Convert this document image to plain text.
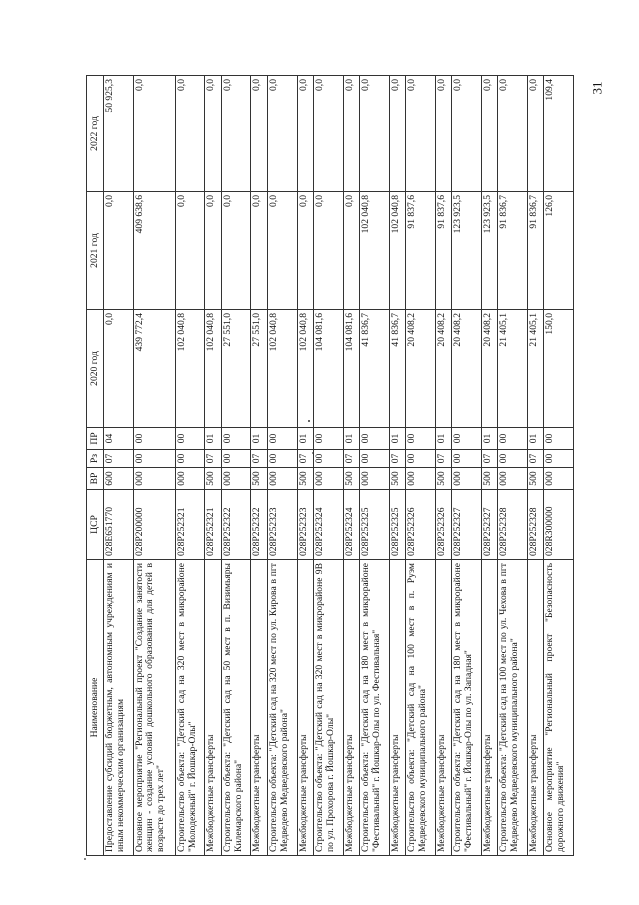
31
Наименование	ЦСР	ВР	Рз	ПР	2020 год	2021 год	2022 год
Предоставление субсидий бюджетным, автономным учреждениям и иным некоммерческим организациям	028E651770	600	07	04	0,0	0,0	50 925,3
Основное мероприятие "Региональный проект "Создание занятости женщин - создание условий дошкольного образования для детей в возрасте до трех лет"	028P200000	000	00	00	439 772,4	409 638,6	0,0
Строительство объекта: "Детский сад на 320 мест в микрорайоне "Молодежный" г. Йошкар-Олы"	028P252321	000	00	00	102 040,8	0,0	0,0
Межбюджетные трансферты	028P252321	500	07	01	102 040,8	0,0	0,0
Строительство объекта: "Детский сад на 50 мест в п. Визимьяры Килемарского района"	028P252322	000	00	00	27 551,0	0,0	0,0
Межбюджетные трансферты	028P252322	500	07	01	27 551,0	0,0	0,0
Строительство объекта: "Детский сад на 320 мест по ул. Кирова в пгт Медведево Медведевского района"	028P252323	000	00	00	102 040,8	0,0	0,0
Межбюджетные трансферты	028P252323	500	07	01	102 040,8	0,0	0,0
Строительство объекта: "Детский сад на 320 мест в микрорайоне 9В по ул. Прохорова г. Йошкар-Олы"	028P252324	000	00	00	104 081,6	0,0	0,0
Межбюджетные трансферты	028P252324	500	07	01	104 081,6	0,0	0,0
Строительство объекта: "Детский сад на 180 мест в микрорайоне "Фестивальный" г. Йошкар-Олы по ул. Фестивальная"	028P252325	000	00	00	41 836,7	102 040,8	0,0
Межбюджетные трансферты	028P252325	500	07	01	41 836,7	102 040,8	0,0
Строительство объекта: "Детский сад на 100 мест в п. Руэм Медведевского муниципального района"	028P252326	000	00	00	20 408,2	91 837,6	0,0
Межбюджетные трансферты	028P252326	500	07	01	20 408,2	91 837,6	0,0
Строительство объекта: "Детский сад на 180 мест в микрорайоне "Фестивальный" г. Йошкар-Олы по ул. Западная"	028P252327	000	00	00	20 408,2	123 923,5	0,0
Межбюджетные трансферты	028P252327	500	07	01	20 408,2	123 923,5	0,0
Строительство объекта: "Детский сад на 100 мест по ул. Чехова в пгт Медведево Медведевского муниципального района"	028P252328	000	00	00	21 405,1	91 836,7	0,0
Межбюджетные трансферты	028P252328	500	07	01	21 405,1	91 836,7	0,0
Основное мероприятие "Региональный проект "Безопасность дорожного движения"	028R300000	000	00	00	150,0	126,0	109,4
